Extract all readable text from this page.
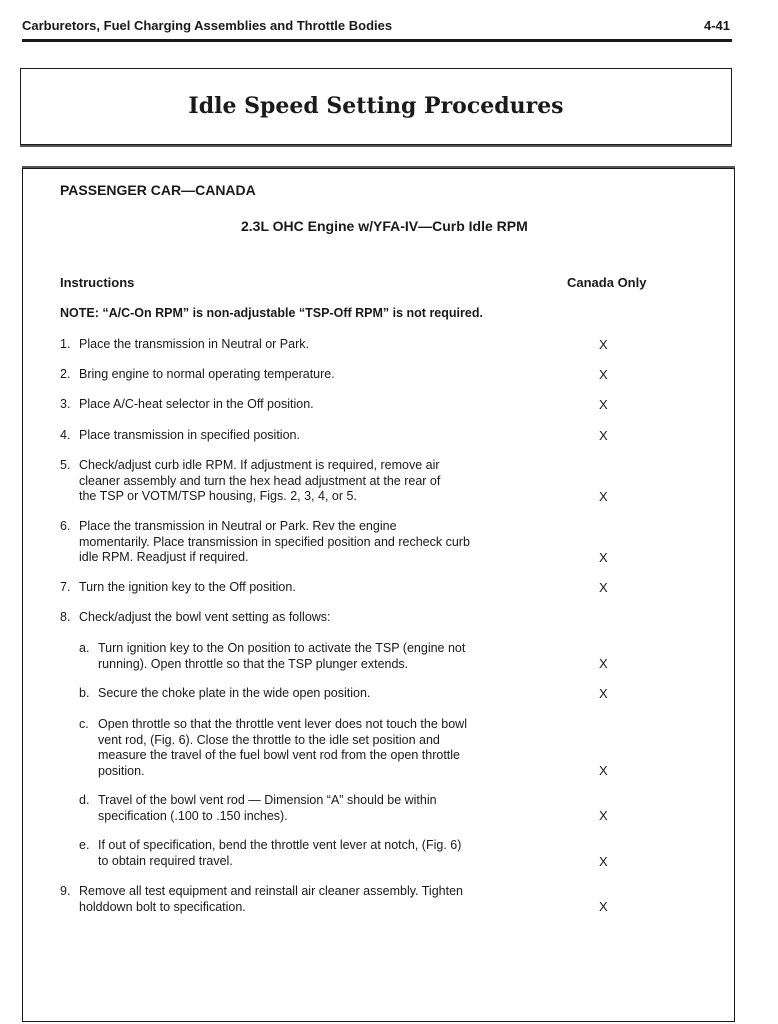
Carburetors, Fuel Charging Assemblies and Throttle Bodies	4-41
Idle Speed Setting Procedures
PASSENGER CAR—CANADA
2.3L OHC Engine w/YFA-IV—Curb Idle RPM
Instructions	Canada Only
NOTE: “A/C-On RPM” is non-adjustable “TSP-Off RPM” is not required.
1. Place the transmission in Neutral or Park.	X
2. Bring engine to normal operating temperature.	X
3. Place A/C-heat selector in the Off position.	X
4. Place transmission in specified position.	X
5. Check/adjust curb idle RPM. If adjustment is required, remove air
cleaner assembly and turn the hex head adjustment at the rear of
the TSP or VOTM/TSP housing, Figs. 2, 3, 4, or 5.	X
6. Place the transmission in Neutral or Park. Rev the engine
momentarily. Place transmission in specified position and recheck curb
idle RPM. Readjust if required.	X
7. Turn the ignition key to the Off position.	X
8. Check/adjust the bowl vent setting as follows:
a. Turn ignition key to the On position to activate the TSP (engine not
running). Open throttle so that the TSP plunger extends.	X
b. Secure the choke plate in the wide open position.	X
c. Open throttle so that the throttle vent lever does not touch the bowl
vent rod, (Fig. 6). Close the throttle to the idle set position and
measure the travel of the fuel bowl vent rod from the open throttle
position.	X
d. Travel of the bowl vent rod — Dimension “A” should be within
specification (.100 to .150 inches).	X
e. If out of specification, bend the throttle vent lever at notch, (Fig. 6)
to obtain required travel.	X
9. Remove all test equipment and reinstall air cleaner assembly. Tighten
holddown bolt to specification.	X
